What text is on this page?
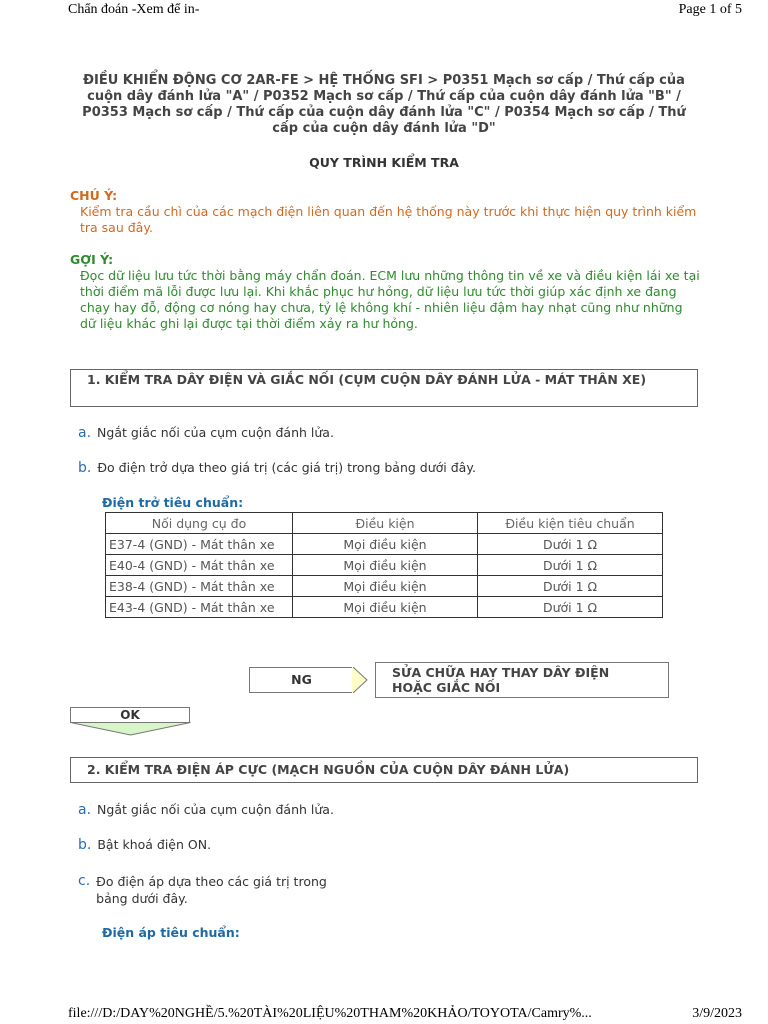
Chẩn đoán -Xem để in-	Page 1 of 5
ĐIỀU KHIỂN ĐỘNG CƠ 2AR-FE > HỆ THỐNG SFI > P0351 Mạch sơ cấp / Thứ cấp của cuộn dây đánh lửa "A" / P0352 Mạch sơ cấp / Thứ cấp của cuộn dây đánh lửa "B" / P0353 Mạch sơ cấp / Thứ cấp của cuộn dây đánh lửa "C" / P0354 Mạch sơ cấp / Thứ cấp của cuộn dây đánh lửa "D"
QUY TRÌNH KIỂM TRA
CHÚ Ý:
Kiểm tra cầu chì của các mạch điện liên quan đến hệ thống này trước khi thực hiện quy trình kiểm tra sau đây.
GỢI Ý:
Đọc dữ liệu lưu tức thời bằng máy chẩn đoán. ECM lưu những thông tin về xe và điều kiện lái xe tại thời điểm mã lỗi được lưu lại. Khi khắc phục hư hỏng, dữ liệu lưu tức thời giúp xác định xe đang chạy hay đỗ, động cơ nóng hay chưa, tỷ lệ không khí - nhiên liệu đậm hay nhạt cũng như những dữ liệu khác ghi lại được tại thời điểm xảy ra hư hỏng.
1. KIỂM TRA DÂY ĐIỆN VÀ GIẮC NỐI (CỤM CUỘN DÂY ĐÁNH LỬA - MÁT THÂN XE)
a. Ngắt giắc nối của cụm cuộn đánh lửa.
b. Đo điện trở dựa theo giá trị (các giá trị) trong bảng dưới đây.
Điện trở tiêu chuẩn:
Nối dụng cụ đo	Điều kiện	Điều kiện tiêu chuẩn
E37-4 (GND) - Mát thân xe	Mọi điều kiện	Dưới 1 Ω
E40-4 (GND) - Mát thân xe	Mọi điều kiện	Dưới 1 Ω
E38-4 (GND) - Mát thân xe	Mọi điều kiện	Dưới 1 Ω
E43-4 (GND) - Mát thân xe	Mọi điều kiện	Dưới 1 Ω
NG	SỬA CHỮA HAY THAY DÂY ĐIỆN HOẶC GIẮC NỐI
OK
2. KIỂM TRA ĐIỆN ÁP CỰC (MẠCH NGUỒN CỦA CUỘN DÂY ĐÁNH LỬA)
a. Ngắt giắc nối của cụm cuộn đánh lửa.
b. Bật khoá điện ON.
c. Đo điện áp dựa theo các giá trị trong bảng dưới đây.
Điện áp tiêu chuẩn:
file:///D:/DAY%20NGHỀ/5.%20TÀI%20LIỆU%20THAM%20KHẢO/TOYOTA/Camry%...	3/9/2023
